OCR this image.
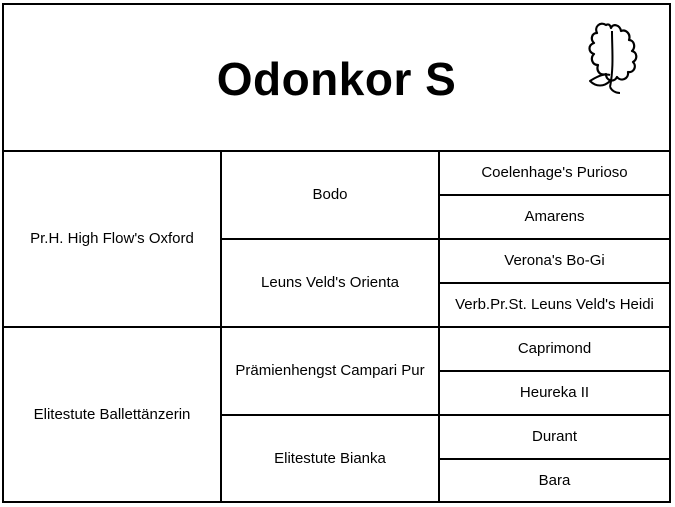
Odonkor S
Pr.H. High Flow's Oxford
Elitestute Ballettänzerin
Bodo
Leuns Veld's Orienta
Prämienhengst Campari Pur
Elitestute Bianka
Coelenhage's Purioso
Amarens
Verona's Bo-Gi
Verb.Pr.St. Leuns Veld's Heidi
Caprimond
Heureka II
Durant
Bara
